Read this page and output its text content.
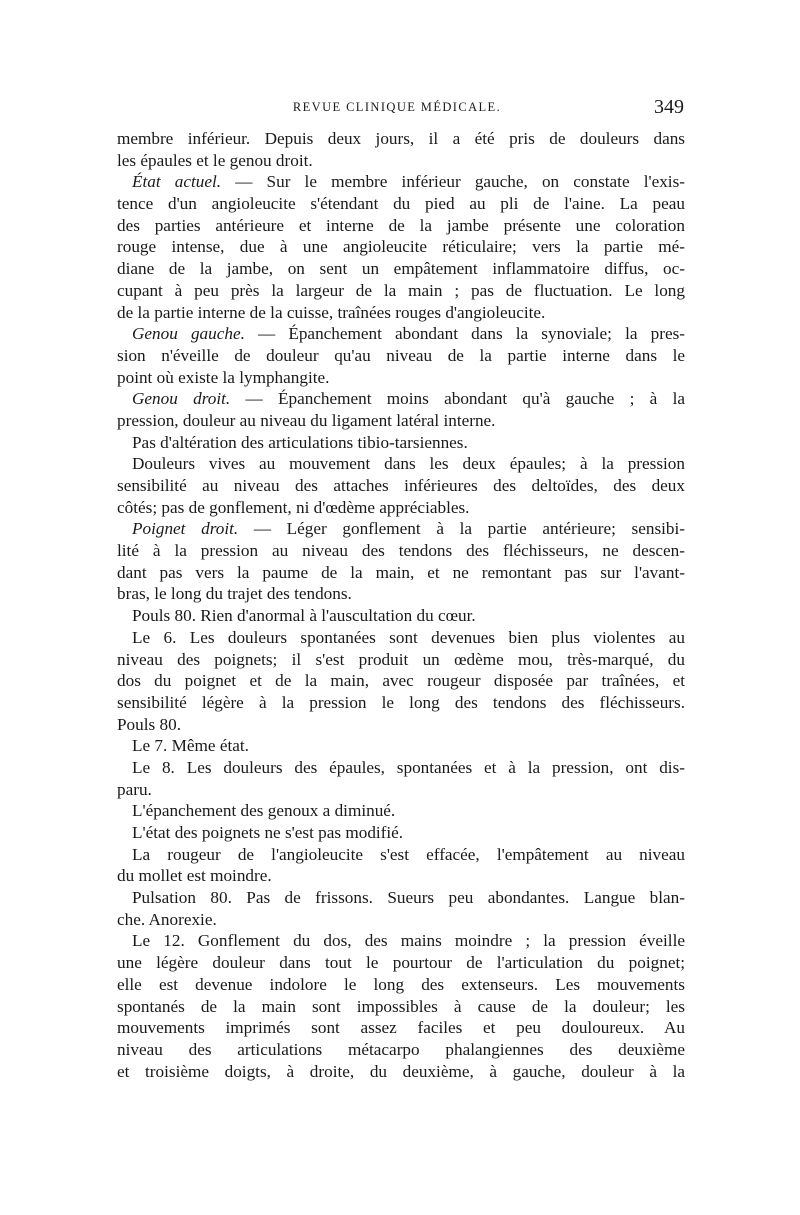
REVUE CLINIQUE MÉDICALE.	349
membre inférieur. Depuis deux jours, il a été pris de douleurs dans
les épaules et le genou droit.
État actuel. — Sur le membre inférieur gauche, on constate l'exis-
tence d'un angioleucite s'étendant du pied au pli de l'aine. La peau
des parties antérieure et interne de la jambe présente une coloration
rouge intense, due à une angioleucite réticulaire; vers la partie mé-
diane de la jambe, on sent un empâtement inflammatoire diffus, oc-
cupant à peu près la largeur de la main ; pas de fluctuation. Le long
de la partie interne de la cuisse, traînées rouges d'angioleucite.
Genou gauche. — Épanchement abondant dans la synoviale; la pres-
sion n'éveille de douleur qu'au niveau de la partie interne dans le
point où existe la lymphangite.
Genou droit. — Épanchement moins abondant qu'à gauche ; à la
pression, douleur au niveau du ligament latéral interne.
Pas d'altération des articulations tibio-tarsiennes.
Douleurs vives au mouvement dans les deux épaules; à la pression
sensibilité au niveau des attaches inférieures des deltoïdes, des deux
côtés; pas de gonflement, ni d'œdème appréciables.
Poignet droit. — Léger gonflement à la partie antérieure; sensibi-
lité à la pression au niveau des tendons des fléchisseurs, ne descen-
dant pas vers la paume de la main, et ne remontant pas sur l'avant-
bras, le long du trajet des tendons.
Pouls 80. Rien d'anormal à l'auscultation du cœur.
Le 6. Les douleurs spontanées sont devenues bien plus violentes au
niveau des poignets; il s'est produit un œdème mou, très-marqué, du
dos du poignet et de la main, avec rougeur disposée par traînées, et
sensibilité légère à la pression le long des tendons des fléchisseurs.
Pouls 80.
Le 7. Même état.
Le 8. Les douleurs des épaules, spontanées et à la pression, ont dis-
paru.
L'épanchement des genoux a diminué.
L'état des poignets ne s'est pas modifié.
La rougeur de l'angioleucite s'est effacée, l'empâtement au niveau
du mollet est moindre.
Pulsation 80. Pas de frissons. Sueurs peu abondantes. Langue blan-
che. Anorexie.
Le 12. Gonflement du dos, des mains moindre ; la pression éveille
une légère douleur dans tout le pourtour de l'articulation du poignet;
elle est devenue indolore le long des extenseurs. Les mouvements
spontanés de la main sont impossibles à cause de la douleur; les
mouvements imprimés sont assez faciles et peu douloureux. Au
niveau des articulations métacarpo phalangiennes des deuxième
et troisième doigts, à droite, du deuxième, à gauche, douleur à la
